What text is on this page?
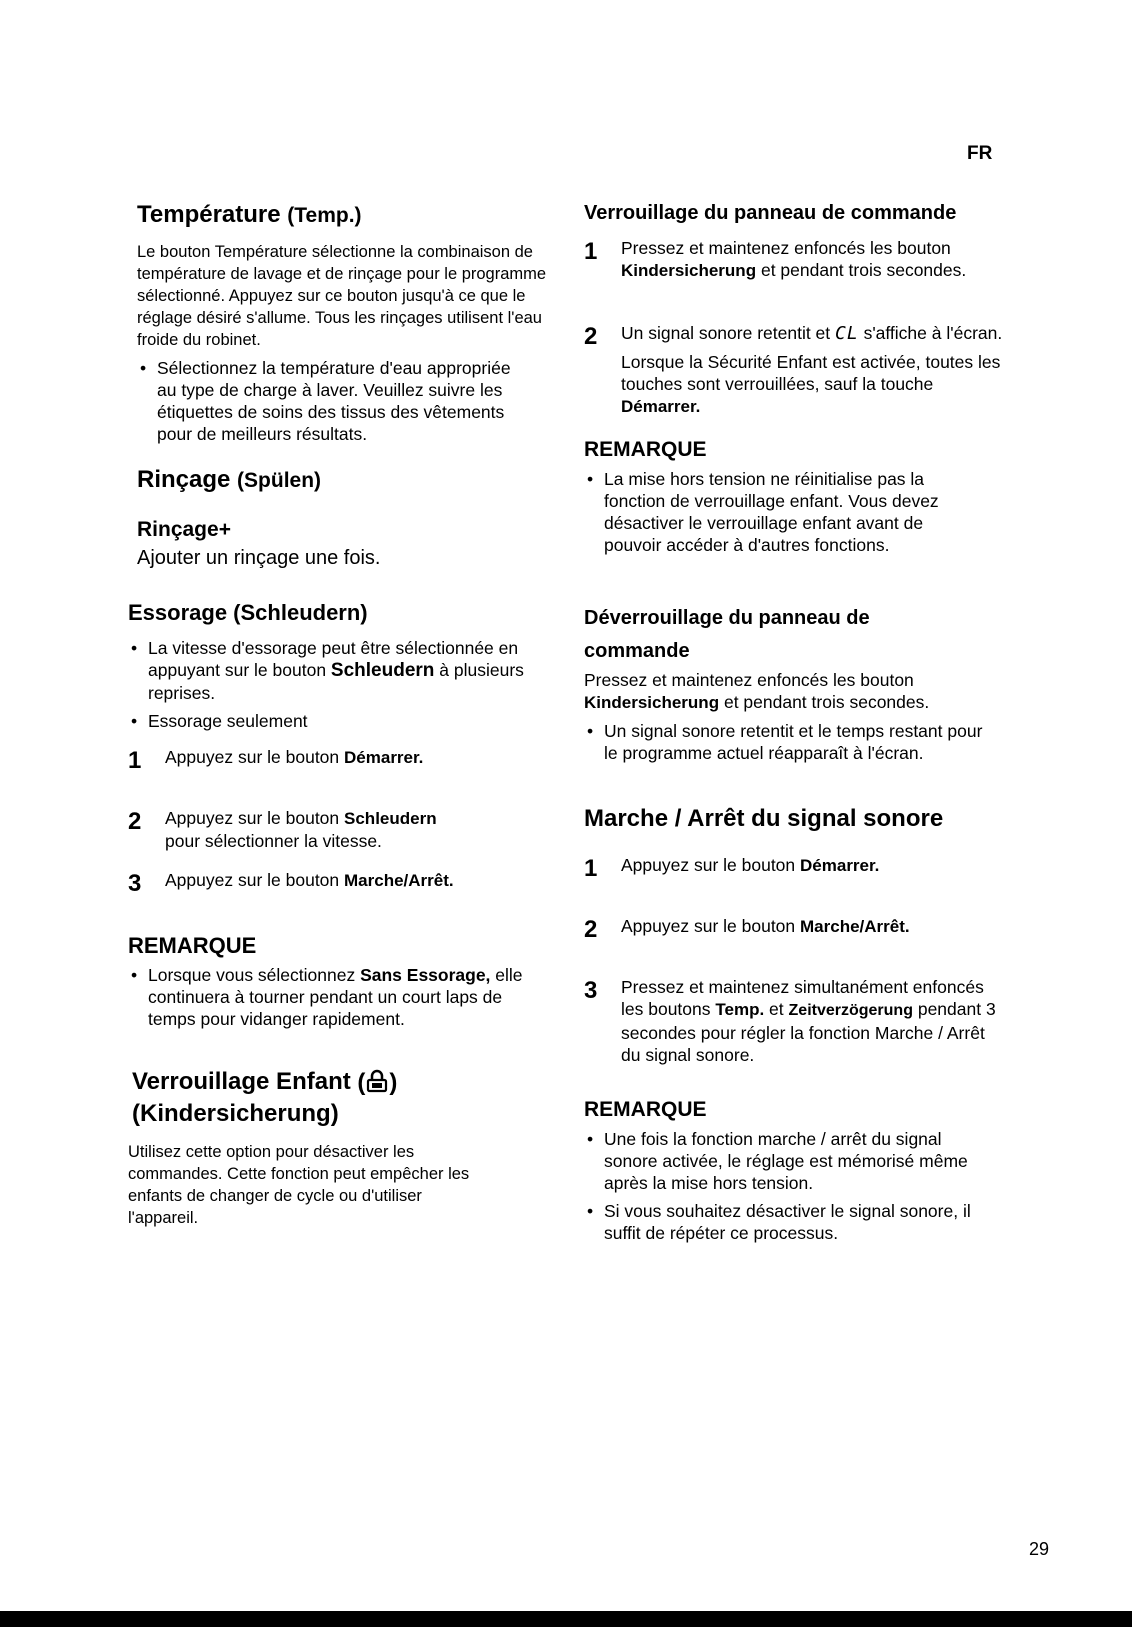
FR
Température (Temp.)

Le bouton Température sélectionne la combinaison de température de lavage et de rinçage pour le programme sélectionné. Appuyez sur ce bouton jusqu'à ce que le réglage désiré s'allume. Tous les rinçages utilisent l'eau froide du robinet.

• Sélectionnez la température d'eau appropriée au type de charge à laver. Veuillez suivre les étiquettes de soins des tissus des vêtements pour de meilleurs résultats.
Rinçage (Spülen)
Rinçage+

Ajouter un rinçage une fois.

Essorage (Schleudern)
• La vitesse d'essorage peut être sélectionnée en appuyant sur le bouton Schleudern à plusieurs reprises.
• Essorage seulement
1 Appuyez sur le bouton Démarrer.
2 Appuyez sur le bouton Schleudern
pour sélectionner la vitesse.
3 Appuyez sur le bouton Marche/Arrêt.
REMARQUE
• Lorsque vous sélectionnez Sans Essorage, elle continuera à tourner pendant un court laps de temps pour vidanger rapidement.
Verrouillage Enfant ( )
(Kindersicherung)

Utilisez cette option pour désactiver les commandes. Cette fonction peut empêcher les enfants de changer de cycle ou d'utiliser l'appareil.

Verrouillage du panneau de commande
1 Pressez et maintenez enfoncés les bouton Kindersicherung et pendant trois secondes.
2 Un signal sonore retentit et CL s'affiche à l'écran.

Lorsque la Sécurité Enfant est activée, toutes les touches sont verrouillées, sauf la touche Démarrer.

REMARQUE
• La mise hors tension ne réinitialise pas la fonction de verrouillage enfant. Vous devez désactiver le verrouillage enfant avant de pouvoir accéder à d'autres fonctions.
Déverrouillage du panneau de
commande

Pressez et maintenez enfoncés les bouton Kindersicherung et pendant trois secondes.

• Un signal sonore retentit et le temps restant pour le programme actuel réapparaît à l'écran.
Marche / Arrêt du signal sonore
1 Appuyez sur le bouton Démarrer.
2 Appuyez sur le bouton Marche/Arrêt.
3 Pressez et maintenez simultanément enfoncés les boutons Temp. et Zeitverzögerung pendant 3 secondes pour régler la fonction Marche / Arrêt du signal sonore.
REMARQUE
• Une fois la fonction marche / arrêt du signal sonore activée, le réglage est mémorisé même après la mise hors tension.
• Si vous souhaitez désactiver le signal sonore, il suffit de répéter ce processus.
29
